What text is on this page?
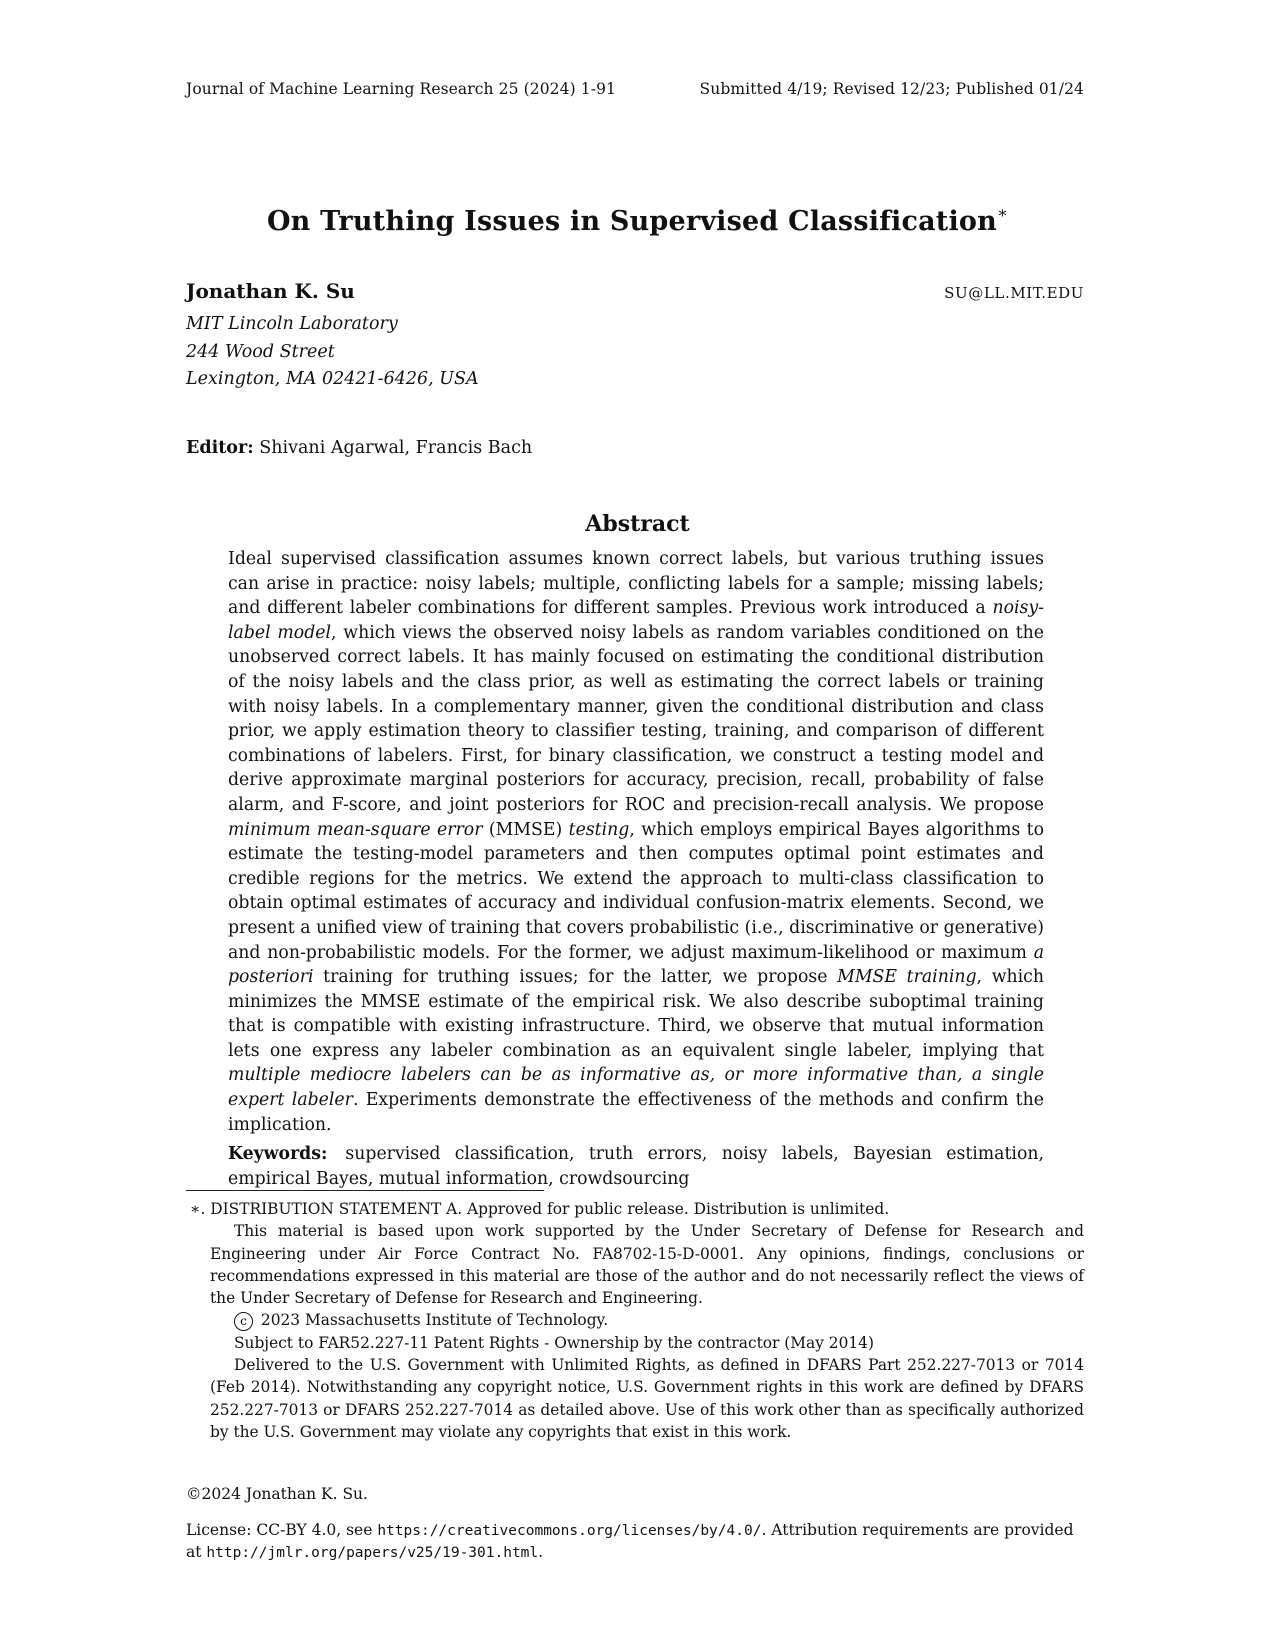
Journal of Machine Learning Research 25 (2024) 1-91	Submitted 4/19; Revised 12/23; Published 01/24
On Truthing Issues in Supervised Classification∗
Jonathan K. Su	SU@LL.MIT.EDU
MIT Lincoln Laboratory
244 Wood Street
Lexington, MA 02421-6426, USA
Editor: Shivani Agarwal, Francis Bach
Abstract

Ideal supervised classification assumes known correct labels, but various truthing issues can arise in practice: noisy labels; multiple, conflicting labels for a sample; missing labels; and different labeler combinations for different samples. Previous work introduced a noisy-label model, which views the observed noisy labels as random variables conditioned on the unobserved correct labels. It has mainly focused on estimating the conditional distribution of the noisy labels and the class prior, as well as estimating the correct labels or training with noisy labels. In a complementary manner, given the conditional distribution and class prior, we apply estimation theory to classifier testing, training, and comparison of different combinations of labelers. First, for binary classification, we construct a testing model and derive approximate marginal posteriors for accuracy, precision, recall, probability of false alarm, and F-score, and joint posteriors for ROC and precision-recall analysis. We propose minimum mean-square error (MMSE) testing, which employs empirical Bayes algorithms to estimate the testing-model parameters and then computes optimal point estimates and credible regions for the metrics. We extend the approach to multi-class classification to obtain optimal estimates of accuracy and individual confusion-matrix elements. Second, we present a unified view of training that covers probabilistic (i.e., discriminative or generative) and non-probabilistic models. For the former, we adjust maximum-likelihood or maximum a posteriori training for truthing issues; for the latter, we propose MMSE training, which minimizes the MMSE estimate of the empirical risk. We also describe suboptimal training that is compatible with existing infrastructure. Third, we observe that mutual information lets one express any labeler combination as an equivalent single labeler, implying that multiple mediocre labelers can be as informative as, or more informative than, a single expert labeler. Experiments demonstrate the effectiveness of the methods and confirm the implication.

Keywords: supervised classification, truth errors, noisy labels, Bayesian estimation, empirical Bayes, mutual information, crowdsourcing

∗. DISTRIBUTION STATEMENT A. Approved for public release. Distribution is unlimited.

This material is based upon work supported by the Under Secretary of Defense for Research and Engineering under Air Force Contract No. FA8702-15-D-0001. Any opinions, findings, conclusions or recommendations expressed in this material are those of the author and do not necessarily reflect the views of the Under Secretary of Defense for Research and Engineering.

c 2023 Massachusetts Institute of Technology.

Subject to FAR52.227-11 Patent Rights - Ownership by the contractor (May 2014)

Delivered to the U.S. Government with Unlimited Rights, as defined in DFARS Part 252.227-7013 or 7014 (Feb 2014). Notwithstanding any copyright notice, U.S. Government rights in this work are defined by DFARS 252.227-7013 or DFARS 252.227-7014 as detailed above. Use of this work other than as specifically authorized by the U.S. Government may violate any copyrights that exist in this work.

©2024 Jonathan K. Su.
License: CC-BY 4.0, see https://creativecommons.org/licenses/by/4.0/. Attribution requirements are provided at http://jmlr.org/papers/v25/19-301.html.
